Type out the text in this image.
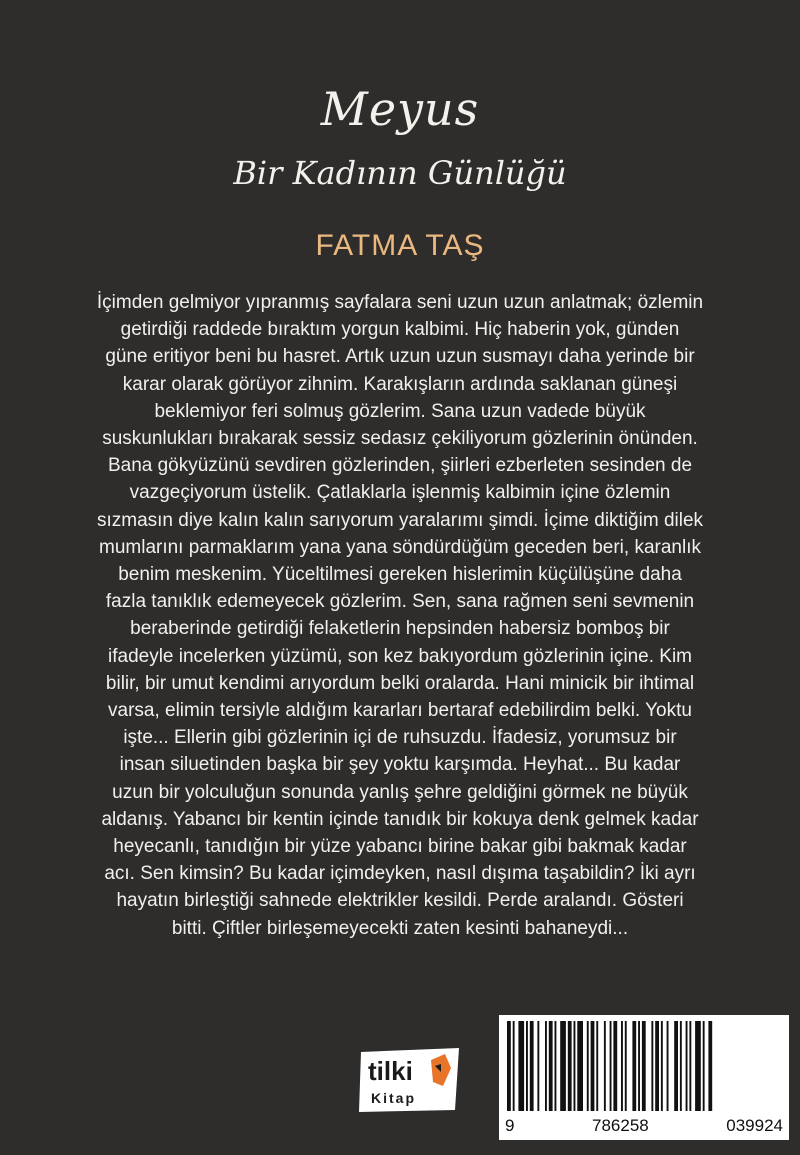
Meyus
Bir Kadının Günlüğü
FATMA TAŞ
İçimden gelmiyor yıpranmış sayfalara seni uzun uzun anlatmak; özlemin
getirdiği raddede bıraktım yorgun kalbimi. Hiç haberin yok, günden
güne eritiyor beni bu hasret. Artık uzun uzun susmayı daha yerinde bir
karar olarak görüyor zihnim. Karakışların ardında saklanan güneşi
beklemiyor feri solmuş gözlerim. Sana uzun vadede büyük
suskunlukları bırakarak sessiz sedasız çekiliyorum gözlerinin önünden.
Bana gökyüzünü sevdiren gözlerinden, şiirleri ezberleten sesinden de
vazgeçiyorum üstelik. Çatlaklarla işlenmiş kalbimin içine özlemin
sızmasın diye kalın kalın sarıyorum yaralarımı şimdi. İçime diktiğim dilek
mumlarını parmaklarım yana yana söndürdüğüm geceden beri, karanlık
benim meskenim. Yüceltilmesi gereken hislerimin küçülüşüne daha
fazla tanıklık edemeyecek gözlerim. Sen, sana rağmen seni sevmenin
beraberinde getirdiği felaketlerin hepsinden habersiz bomboş bir
ifadeyle incelerken yüzümü, son kez bakıyordum gözlerinin içine. Kim
bilir, bir umut kendimi arıyordum belki oralarda. Hani minicik bir ihtimal
varsa, elimin tersiyle aldığım kararları bertaraf edebilirdim belki. Yoktu
işte... Ellerin gibi gözlerinin içi de ruhsuzdu. İfadesiz, yorumsuz bir
insan siluetinden başka bir şey yoktu karşımda. Heyhat... Bu kadar
uzun bir yolculuğun sonunda yanlış şehre geldiğini görmek ne büyük
aldanış. Yabancı bir kentin içinde tanıdık bir kokuya denk gelmek kadar
heyecanlı, tanıdığın bir yüze yabancı birine bakar gibi bakmak kadar
acı. Sen kimsin? Bu kadar içimdeyken, nasıl dışıma taşabildin? İki ayrı
hayatın birleştiği sahnede elektrikler kesildi. Perde aralandı. Gösteri
bitti. Çiftler birleşemeyecekti zaten kesinti bahaneydi...
tilki
Kitap
9	786258	039924
